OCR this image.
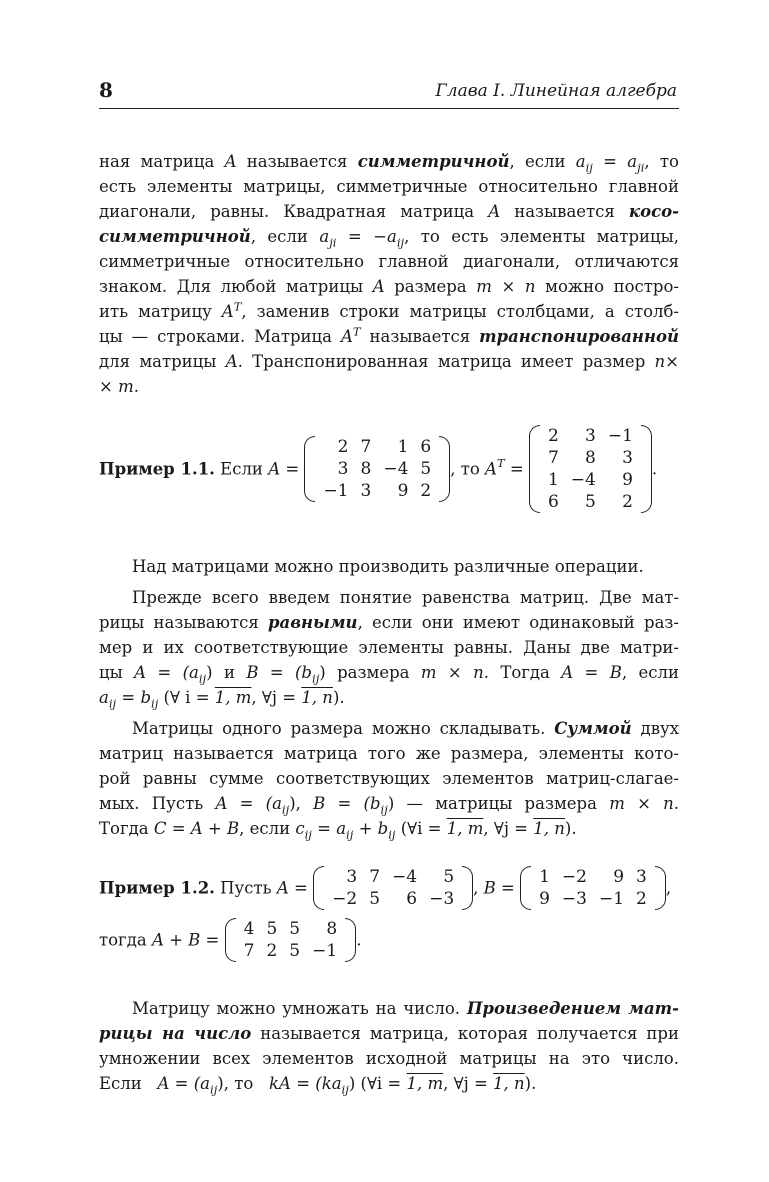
8	Глава I. Линейная алгебра
ная матрица A называется симметричной, если $a_{ij} = a_{ji}$, то
есть элементы матрицы, симметричные относительно главной
диагонали, равны. Квадратная матрица A называется косо-
симметричной, если $a_{ji} = -a_{ij}$, то есть элементы матрицы,
симметричные относительно главной диагонали, отличаются
знаком. Для любой матрицы A размера m × n можно постро-
ить матрицу $A^T$, заменив строки матрицы столбцами, а столб-
цы — строками. Матрица $A^T$ называется транспонированной
для матрицы A. Транспонированная матрица имеет размер n×
× m.
Пример 1.1. Если A =
2	7	1	6
3	8	−4	5
−1	3	9	2
, то $A^T$ =
2	3	−1
7	8	3
1	−4	9
6	5	2
.
Над матрицами можно производить различные операции.
Прежде всего введем понятие равенства матриц. Две мат-
рицы называются равными, если они имеют одинаковый раз-
мер и их соответствующие элементы равны. Даны две матри-
цы $A = (a_{ij})$ и $B = (b_{ij})$ размера m × n. Тогда A = B, если
$a_{ij} = b_{ij}$ (∀ i = 1, m, ∀j = 1, n).
Матрицы одного размера можно складывать. Суммой двух
матриц называется матрица того же размера, элементы кото-
рой равны сумме соответствующих элементов матриц-слагае-
мых. Пусть $A = (a_{ij})$, $B = (b_{ij})$ — матрицы размера m × n.
Тогда C = A + B, если $c_{ij} = a_{ij} + b_{ij}$ (∀i = 1, m, ∀j = 1, n).
Пример 1.2. Пусть A =
3	7	−4	5
−2	5	6	−3
, B =
1	−2	9	3
9	−3	−1	2
,
тогда A + B =
4	5	5	8
7	2	5	−1
.
Матрицу можно умножать на число. Произведением мат-
рицы на число называется матрица, которая получается при
умножении всех элементов исходной матрицы на это число.
Если   $A = (a_{ij})$, то   kA = $(ka_{ij})$ (∀i = 1, m, ∀j = 1, n).
